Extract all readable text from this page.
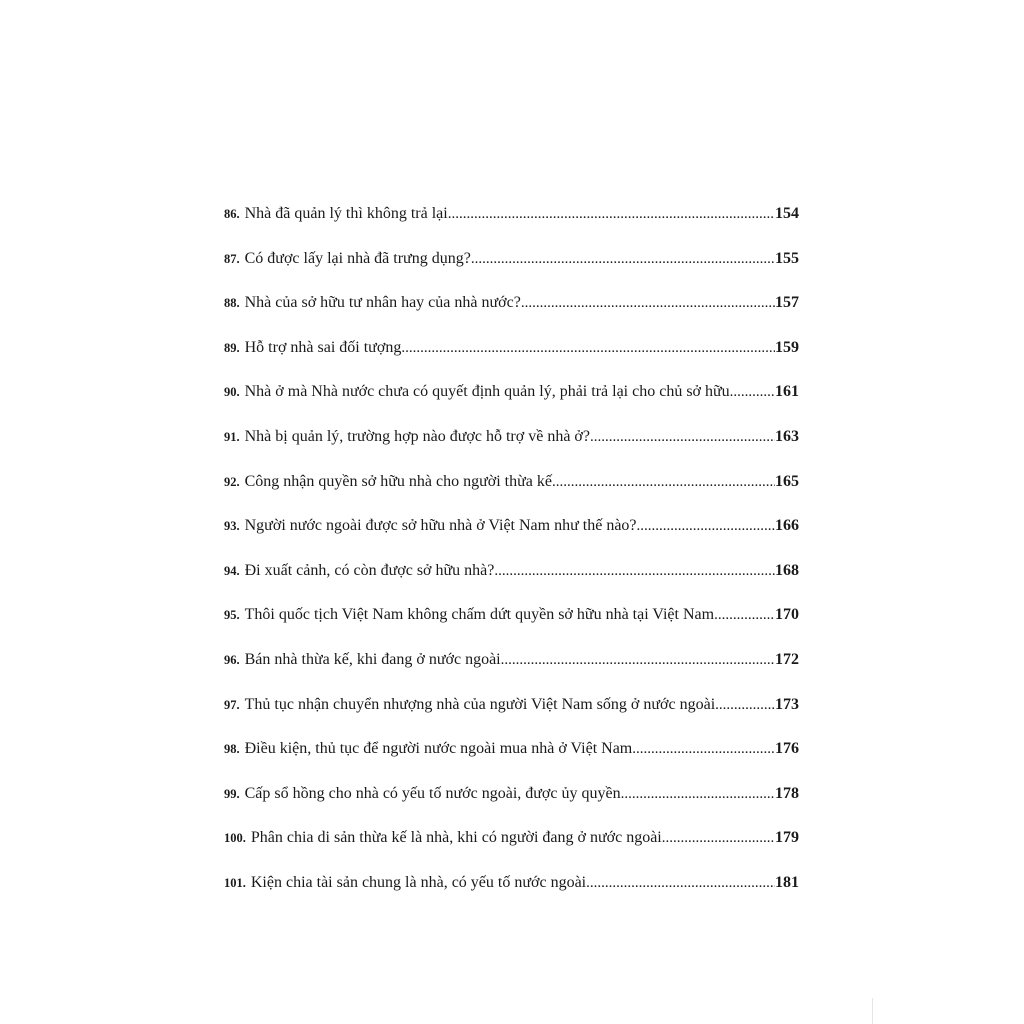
86. Nhà đã quản lý thì không trả lại .....	154
87. Có được lấy lại nhà đã trưng dụng? .....	155
88. Nhà của sở hữu tư nhân hay của nhà nước? .....	157
89. Hỗ trợ nhà sai đối tượng .....	159
90. Nhà ở mà Nhà nước chưa có quyết định quản lý, phải trả lại cho chủ sở hữu .....	161
91. Nhà bị quản lý, trường hợp nào được hỗ trợ về nhà ở? .....	163
92. Công nhận quyền sở hữu nhà cho người thừa kế .....	165
93. Người nước ngoài được sở hữu nhà ở Việt Nam như thế nào? .....	166
94. Đi xuất cảnh, có còn được sở hữu nhà? .....	168
95. Thôi quốc tịch Việt Nam không chấm dứt quyền sở hữu nhà tại Việt Nam .....	170
96. Bán nhà thừa kế, khi đang ở nước ngoài .....	172
97. Thủ tục nhận chuyển nhượng nhà của người Việt Nam sống ở nước ngoài .....	173
98. Điều kiện, thủ tục để người nước ngoài mua nhà ở Việt Nam .....	176
99. Cấp sổ hồng cho nhà có yếu tố nước ngoài, được ủy quyền .....	178
100. Phân chia di sản thừa kế là nhà, khi có người đang ở nước ngoài .....	179
101. Kiện chia tài sản chung là nhà, có yếu tố nước ngoài .....	181
